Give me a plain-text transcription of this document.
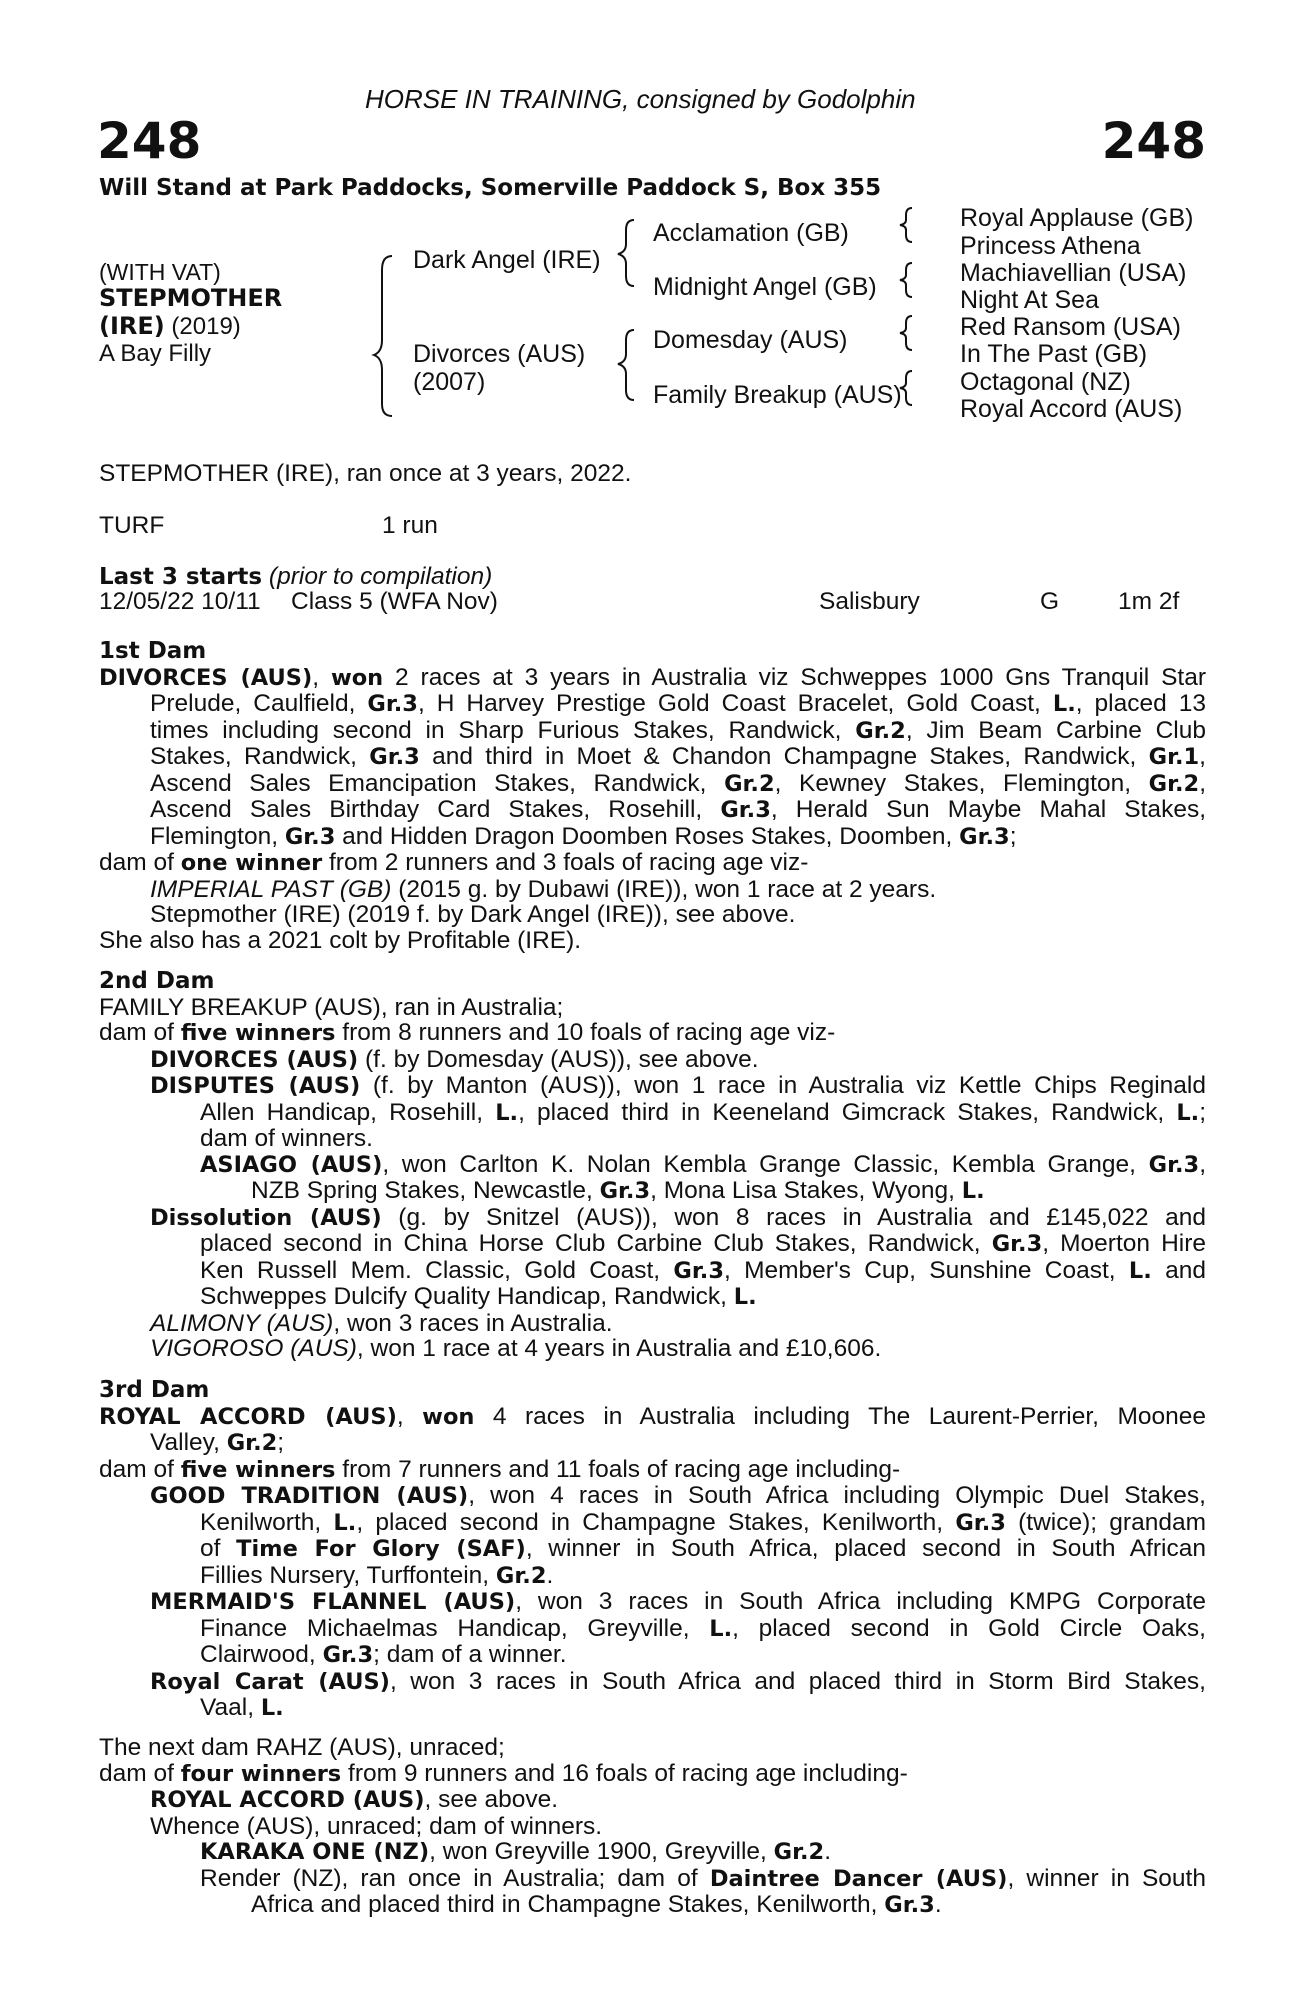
HORSE IN TRAINING, consigned by Godolphin
248	248
Will Stand at Park Paddocks, Somerville Paddock S, Box 355
(WITH VAT)
STEPMOTHER
(IRE) (2019)
A Bay Filly
Dark Angel (IRE)
Divorces (AUS)
(2007)
Acclamation (GB)
Midnight Angel (GB)
Domesday (AUS)
Family Breakup (AUS)
Royal Applause (GB)
Princess Athena
Machiavellian (USA)
Night At Sea
Red Ransom (USA)
In The Past (GB)
Octagonal (NZ)
Royal Accord (AUS)
STEPMOTHER (IRE), ran once at 3 years, 2022.
TURF	1 run
Last 3 starts (prior to compilation)
12/05/22 10/11 Class 5 (WFA Nov)	Salisbury	G 1m 2f
1st Dam
DIVORCES (AUS), won 2 races at 3 years in Australia viz Schweppes 1000 Gns Tranquil Star
Prelude, Caulfield, Gr.3, H Harvey Prestige Gold Coast Bracelet, Gold Coast, L., placed 13
times including second in Sharp Furious Stakes, Randwick, Gr.2, Jim Beam Carbine Club
Stakes, Randwick, Gr.3 and third in Moet & Chandon Champagne Stakes, Randwick, Gr.1,
Ascend Sales Emancipation Stakes, Randwick, Gr.2, Kewney Stakes, Flemington, Gr.2,
Ascend Sales Birthday Card Stakes, Rosehill, Gr.3, Herald Sun Maybe Mahal Stakes,
Flemington, Gr.3 and Hidden Dragon Doomben Roses Stakes, Doomben, Gr.3;
dam of one winner from 2 runners and 3 foals of racing age viz-
IMPERIAL PAST (GB) (2015 g. by Dubawi (IRE)), won 1 race at 2 years.
Stepmother (IRE) (2019 f. by Dark Angel (IRE)), see above.
She also has a 2021 colt by Profitable (IRE).
2nd Dam
FAMILY BREAKUP (AUS), ran in Australia;
dam of five winners from 8 runners and 10 foals of racing age viz-
DIVORCES (AUS) (f. by Domesday (AUS)), see above.
DISPUTES (AUS) (f. by Manton (AUS)), won 1 race in Australia viz Kettle Chips Reginald
Allen Handicap, Rosehill, L., placed third in Keeneland Gimcrack Stakes, Randwick, L.;
dam of winners.
ASIAGO (AUS), won Carlton K. Nolan Kembla Grange Classic, Kembla Grange, Gr.3,
NZB Spring Stakes, Newcastle, Gr.3, Mona Lisa Stakes, Wyong, L.
Dissolution (AUS) (g. by Snitzel (AUS)), won 8 races in Australia and £145,022 and
placed second in China Horse Club Carbine Club Stakes, Randwick, Gr.3, Moerton Hire
Ken Russell Mem. Classic, Gold Coast, Gr.3, Member's Cup, Sunshine Coast, L. and
Schweppes Dulcify Quality Handicap, Randwick, L.
ALIMONY (AUS), won 3 races in Australia.
VIGOROSO (AUS), won 1 race at 4 years in Australia and £10,606.
3rd Dam
ROYAL ACCORD (AUS), won 4 races in Australia including The Laurent-Perrier, Moonee
Valley, Gr.2;
dam of five winners from 7 runners and 11 foals of racing age including-
GOOD TRADITION (AUS), won 4 races in South Africa including Olympic Duel Stakes,
Kenilworth, L., placed second in Champagne Stakes, Kenilworth, Gr.3 (twice); grandam
of Time For Glory (SAF), winner in South Africa, placed second in South African
Fillies Nursery, Turffontein, Gr.2.
MERMAID'S FLANNEL (AUS), won 3 races in South Africa including KMPG Corporate
Finance Michaelmas Handicap, Greyville, L., placed second in Gold Circle Oaks,
Clairwood, Gr.3; dam of a winner.
Royal Carat (AUS), won 3 races in South Africa and placed third in Storm Bird Stakes,
Vaal, L.
The next dam RAHZ (AUS), unraced;
dam of four winners from 9 runners and 16 foals of racing age including-
ROYAL ACCORD (AUS), see above.
Whence (AUS), unraced; dam of winners.
KARAKA ONE (NZ), won Greyville 1900, Greyville, Gr.2.
Render (NZ), ran once in Australia; dam of Daintree Dancer (AUS), winner in South
Africa and placed third in Champagne Stakes, Kenilworth, Gr.3.
